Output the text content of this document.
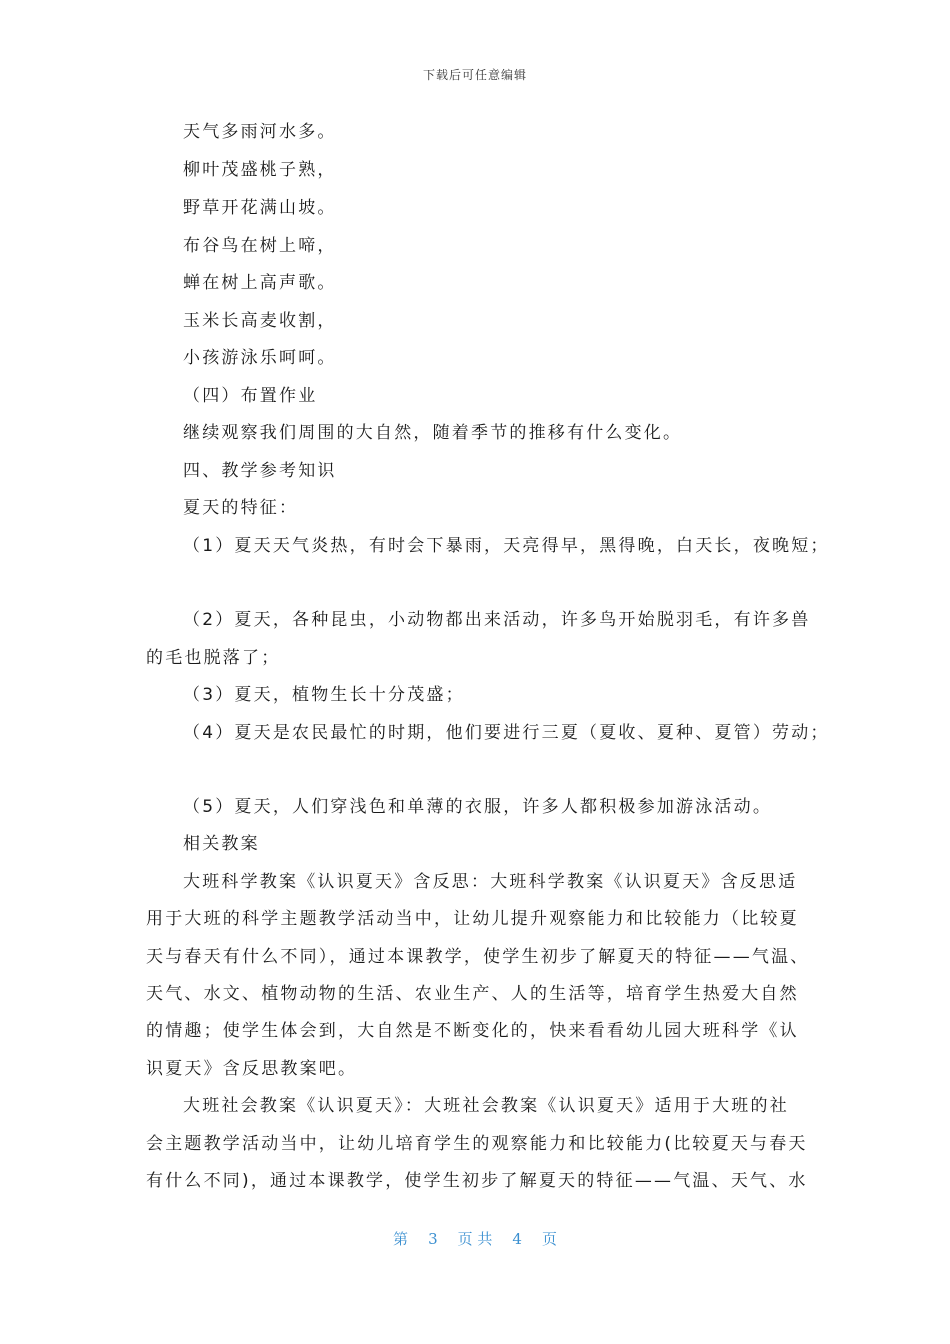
下载后可任意编辑
天气多雨河水多。
柳叶茂盛桃子熟，
野草开花满山坡。
布谷鸟在树上啼，
蝉在树上高声歌。
玉米长高麦收割，
小孩游泳乐呵呵。
（四）布置作业
继续观察我们周围的大自然，随着季节的推移有什么变化。
四、教学参考知识
夏天的特征：
（1）夏天天气炎热，有时会下暴雨，天亮得早，黑得晚，白天长，夜晚短；
（2）夏天，各种昆虫，小动物都出来活动，许多鸟开始脱羽毛，有许多兽
的毛也脱落了；
（3）夏天，植物生长十分茂盛；
（4）夏天是农民最忙的时期，他们要进行三夏（夏收、夏种、夏管）劳动；
（5）夏天，人们穿浅色和单薄的衣服，许多人都积极参加游泳活动。
相关教案
大班科学教案《认识夏天》含反思：大班科学教案《认识夏天》含反思适
用于大班的科学主题教学活动当中，让幼儿提升观察能力和比较能力（比较夏
天与春天有什么不同），通过本课教学，使学生初步了解夏天的特征——气温、
天气、水文、植物动物的生活、农业生产、人的生活等，培育学生热爱大自然
的情趣；使学生体会到，大自然是不断变化的，快来看看幼儿园大班科学《认
识夏天》含反思教案吧。
大班社会教案《认识夏天》：大班社会教案《认识夏天》适用于大班的社
会主题教学活动当中，让幼儿培育学生的观察能力和比较能力(比较夏天与春天
有什么不同)，通过本课教学，使学生初步了解夏天的特征——气温、天气、水
第 3 页 共 4 页
